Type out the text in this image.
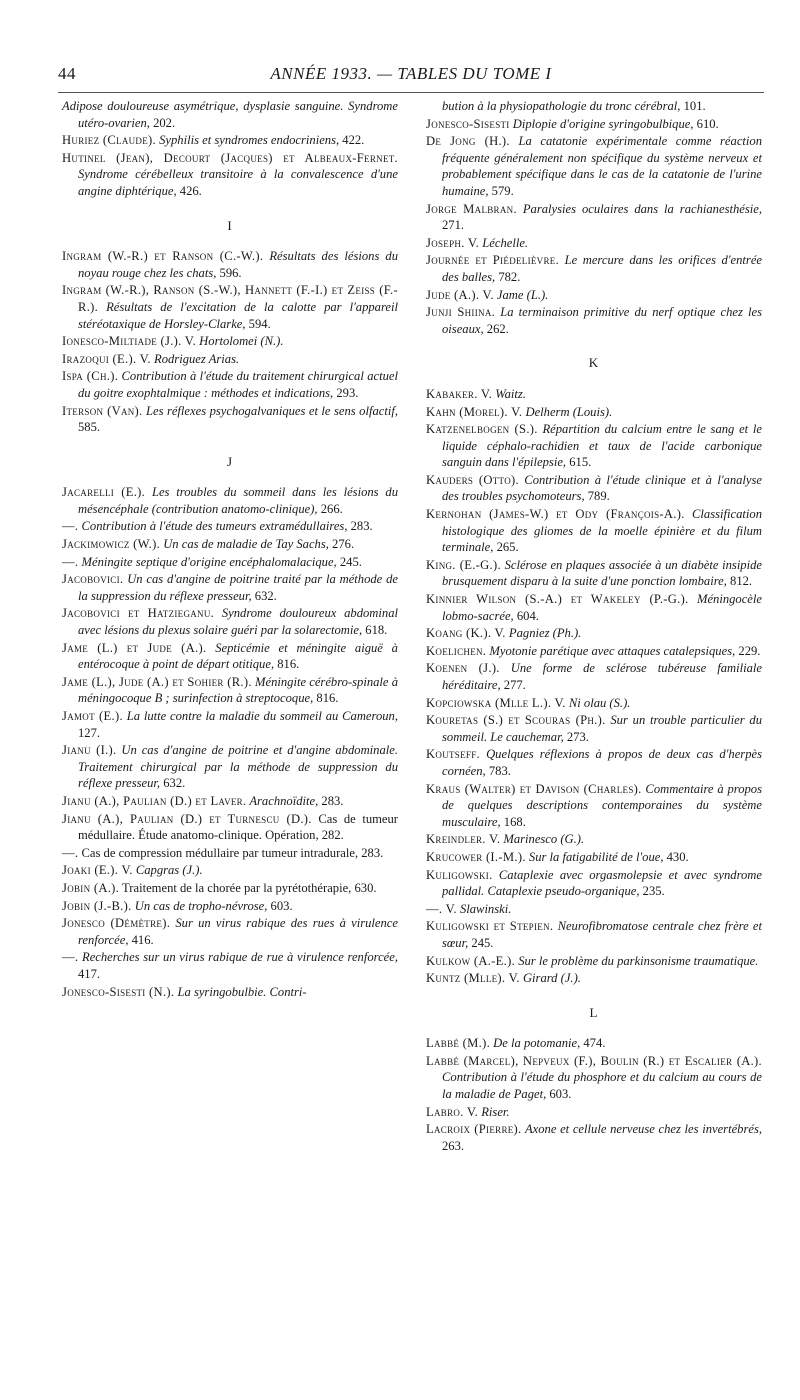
44	ANNÉE 1933. — TABLES DU TOME I

Adipose douloureuse asymétrique, dysplasie sanguine. Syndrome utéro-ovarien, 202.

Huriez (Claude). Syphilis et syndromes endocriniens, 422.

Hutinel (Jean), Decourt (Jacques) et Albeaux-Fernet. Syndrome cérébelleux transitoire à la convalescence d'une angine diphtérique, 426.

I

Ingram (W.-R.) et Ranson (C.-W.). Résultats des lésions du noyau rouge chez les chats, 596.

Ingram (W.-R.), Ranson (S.-W.), Hannett (F.-I.) et Zeiss (F.-R.). Résultats de l'excitation de la calotte par l'appareil stéréotaxique de Horsley-Clarke, 594.

Ionesco-Miltiade (J.). V. Hortolomei (N.).

Irazoqui (E.). V. Rodriguez Arias.

Ispa (Ch.). Contribution à l'étude du traitement chirurgical actuel du goitre exophtalmique : méthodes et indications, 293.

Iterson (Van). Les réflexes psychogalvaniques et le sens olfactif, 585.

J

Jacarelli (E.). Les troubles du sommeil dans les lésions du mésencéphale (contribution anatomo-clinique), 266.

—. Contribution à l'étude des tumeurs extramédullaires, 283.

Jackimowicz (W.). Un cas de maladie de Tay Sachs, 276.

—. Méningite septique d'origine encéphalomalacique, 245.

Jacobovici. Un cas d'angine de poitrine traité par la méthode de la suppression du réflexe presseur, 632.

Jacobovici et Hatzieganu. Syndrome douloureux abdominal avec lésions du plexus solaire guéri par la solarectomie, 618.

Jame (L.) et Jude (A.). Septicémie et méningite aiguë à entérocoque à point de départ otitique, 816.

Jame (L.), Jude (A.) et Sohier (R.). Méningite cérébro-spinale à méningocoque B ; surinfection à streptocoque, 816.

Jamot (E.). La lutte contre la maladie du sommeil au Cameroun, 127.

Jianu (I.). Un cas d'angine de poitrine et d'angine abdominale. Traitement chirurgical par la méthode de suppression du réflexe presseur, 632.

Jianu (A.), Paulian (D.) et Laver. Arachnoïdite, 283.

Jianu (A.), Paulian (D.) et Turnescu (D.). Cas de tumeur médullaire. Étude anatomo-clinique. Opération, 282.

—. Cas de compression médullaire par tumeur intradurale, 283.

Joaki (E.). V. Capgras (J.).

Jobin (A.). Traitement de la chorée par la pyrétothérapie, 630.

Jobin (J.-B.). Un cas de tropho-névrose, 603.

Jonesco (Démètre). Sur un virus rabique des rues à virulence renforcée, 416.

—. Recherches sur un virus rabique de rue à virulence renforcée, 417.

Jonesco-Sisesti (N.). La syringobulbie. Contri-

bution à la physiopathologie du tronc cérébral, 101.

Jonesco-Sisesti Diplopie d'origine syringobulbique, 610.

De Jong (H.). La catatonie expérimentale comme réaction fréquente généralement non spécifique du système nerveux et probablement spécifique dans le cas de la catatonie de l'urine humaine, 579.

Jorge Malbran. Paralysies oculaires dans la rachianesthésie, 271.

Joseph. V. Léchelle.

Journée et Piédelièvre. Le mercure dans les orifices d'entrée des balles, 782.

Jude (A.). V. Jame (L.).

Junji Shiina. La terminaison primitive du nerf optique chez les oiseaux, 262.

K

Kabaker. V. Waitz.

Kahn (Morel). V. Delherm (Louis).

Katzenelbogen (S.). Répartition du calcium entre le sang et le liquide céphalo-rachidien et taux de l'acide carbonique sanguin dans l'épilepsie, 615.

Kauders (Otto). Contribution à l'étude clinique et à l'analyse des troubles psychomoteurs, 789.

Kernohan (James-W.) et Ody (François-A.). Classification histologique des gliomes de la moelle épinière et du filum terminale, 265.

King. (E.-G.). Sclérose en plaques associée à un diabète insipide brusquement disparu à la suite d'une ponction lombaire, 812.

Kinnier Wilson (S.-A.) et Wakeley (P.-G.). Méningocèle lobmo-sacrée, 604.

Koang (K.). V. Pagniez (Ph.).

Koelichen. Myotonie parétique avec attaques catalepsiques, 229.

Koenen (J.). Une forme de sclérose tubéreuse familiale héréditaire, 277.

Kopciowska (Mlle L.). V. Ni olau (S.).

Kouretas (S.) et Scouras (Ph.). Sur un trouble particulier du sommeil. Le cauchemar, 273.

Koutseff. Quelques réflexions à propos de deux cas d'herpès cornéen, 783.

Kraus (Walter) et Davison (Charles). Commentaire à propos de quelques descriptions contemporaines du système musculaire, 168.

Kreindler. V. Marinesco (G.).

Krucower (I.-M.). Sur la fatigabilité de l'oue, 430.

Kuligowski. Cataplexie avec orgasmolepsie et avec syndrome pallidal. Cataplexie pseudo-organique, 235.

—. V. Slawinski.

Kuligowski et Stepien. Neurofibromatose centrale chez frère et sœur, 245.

Kulkow (A.-E.). Sur le problème du parkinsonisme traumatique.

Kuntz (Mlle). V. Girard (J.).

L

Labbé (M.). De la potomanie, 474.

Labbé (Marcel), Nepveux (F.), Boulin (R.) et Escalier (A.). Contribution à l'étude du phosphore et du calcium au cours de la maladie de Paget, 603.

Labro. V. Riser.

Lacroix (Pierre). Axone et cellule nerveuse chez les invertébrés, 263.
